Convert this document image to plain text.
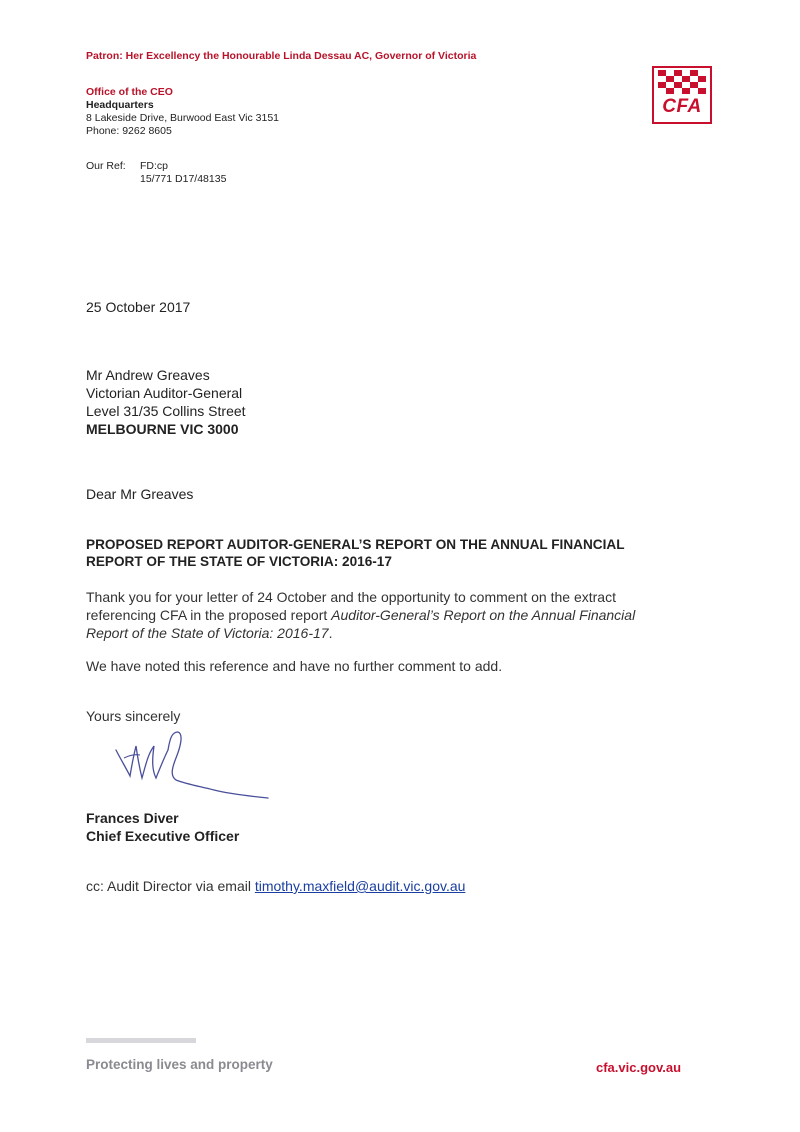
Patron: Her Excellency the Honourable Linda Dessau AC, Governor of Victoria
Office of the CEO
Headquarters
8 Lakeside Drive, Burwood East Vic 3151
Phone: 9262 8605
CFA
Our Ref: FD:cp
15/771 D17/48135
25 October 2017
Mr Andrew Greaves
Victorian Auditor-General
Level 31/35 Collins Street
MELBOURNE VIC 3000
Dear Mr Greaves
PROPOSED REPORT AUDITOR-GENERAL’S REPORT ON THE ANNUAL FINANCIAL
REPORT OF THE STATE OF VICTORIA: 2016-17
Thank you for your letter of 24 October and the opportunity to comment on the extract
referencing CFA in the proposed report Auditor-General’s Report on the Annual Financial
Report of the State of Victoria: 2016-17.
We have noted this reference and have no further comment to add.
Yours sincerely
Frances Diver
Chief Executive Officer
cc: Audit Director via email timothy.maxfield@audit.vic.gov.au
Protecting lives and property	cfa.vic.gov.au
